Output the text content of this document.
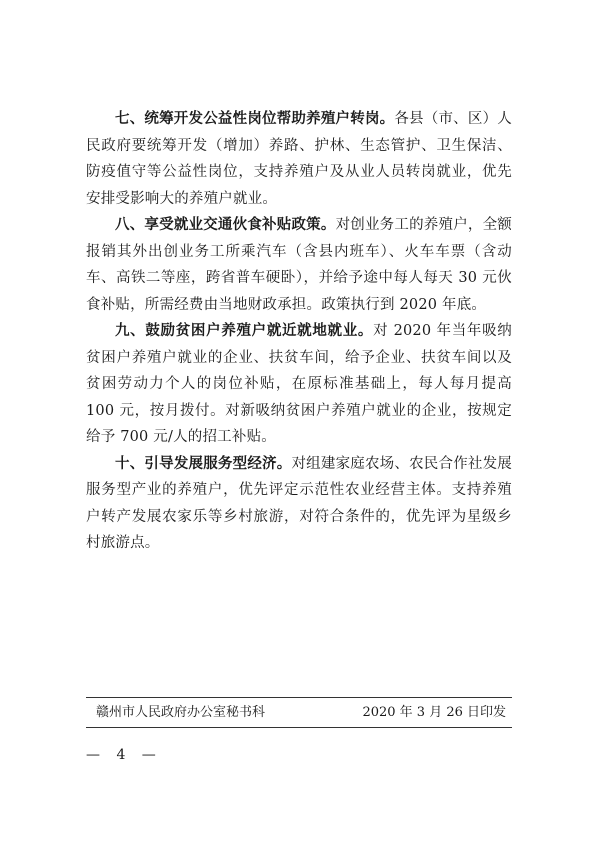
七、统筹开发公益性岗位帮助养殖户转岗。各县（市、区）人民政府要统筹开发（增加）养路、护林、生态管护、卫生保洁、防疫值守等公益性岗位，支持养殖户及从业人员转岗就业，优先安排受影响大的养殖户就业。

八、享受就业交通伙食补贴政策。对创业务工的养殖户，全额报销其外出创业务工所乘汽车（含县内班车）、火车车票（含动车、高铁二等座，跨省普车硬卧），并给予途中每人每天 30 元伙食补贴，所需经费由当地财政承担。政策执行到 2020 年底。

九、鼓励贫困户养殖户就近就地就业。对 2020 年当年吸纳贫困户养殖户就业的企业、扶贫车间，给予企业、扶贫车间以及贫困劳动力个人的岗位补贴，在原标准基础上，每人每月提高 100 元，按月拨付。对新吸纳贫困户养殖户就业的企业，按规定给予 700 元/人的招工补贴。

十、引导发展服务型经济。对组建家庭农场、农民合作社发展服务型产业的养殖户，优先评定示范性农业经营主体。支持养殖户转产发展农家乐等乡村旅游，对符合条件的，优先评为星级乡村旅游点。

赣州市人民政府办公室秘书科	2020 年 3 月 26 日印发
— 4 —
